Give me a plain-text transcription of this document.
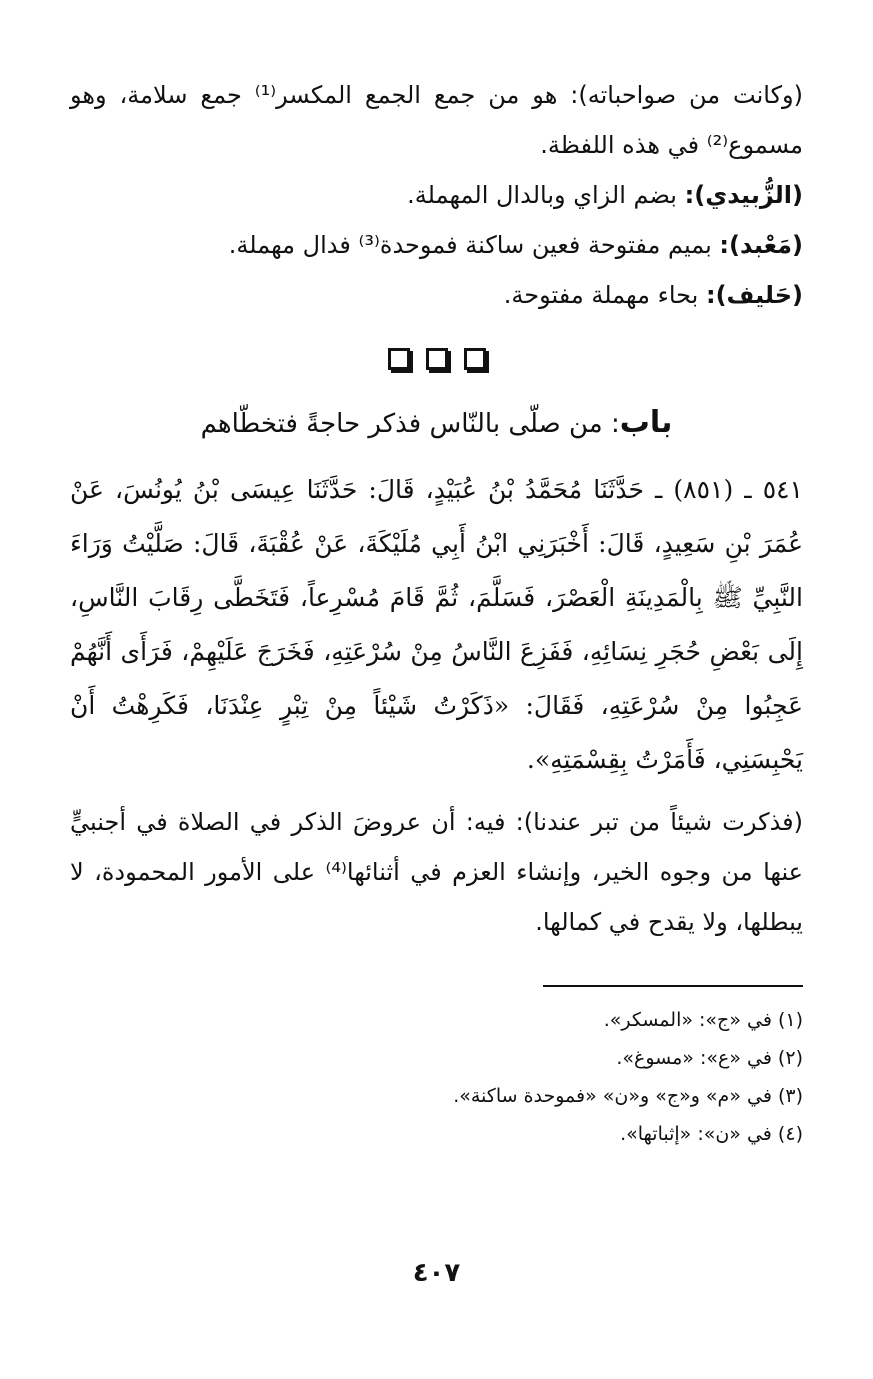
(وكانت من صواحباته): هو من جمع الجمع المكسر⁽¹⁾ جمع سلامة، وهو مسموع⁽²⁾ في هذه اللفظة.

(الزُّبيدي): بضم الزاي وبالدال المهملة.

(مَعْبد): بميم مفتوحة فعين ساكنة فموحدة⁽³⁾ فدال مهملة.

(حَليف): بحاء مهملة مفتوحة.

باب: من صلّى بالنّاس فذكر حاجةً فتخطّاهم

٥٤١ ـ (٨٥١) ـ حَدَّثَنَا مُحَمَّدُ بْنُ عُبَيْدٍ، قَالَ: حَدَّثَنَا عِيسَى بْنُ يُونُسَ، عَنْ عُمَرَ بْنِ سَعِيدٍ، قَالَ: أَخْبَرَنِي ابْنُ أَبِي مُلَيْكَةَ، عَنْ عُقْبَةَ، قَالَ: صَلَّيْتُ وَرَاءَ النَّبِيِّ ﷺ بِالْمَدِينَةِ الْعَصْرَ، فَسَلَّمَ، ثُمَّ قَامَ مُسْرِعاً، فَتَخَطَّى رِقَابَ النَّاسِ، إِلَى بَعْضِ حُجَرِ نِسَائِهِ، فَفَزِعَ النَّاسُ مِنْ سُرْعَتِهِ، فَخَرَجَ عَلَيْهِمْ، فَرَأَى أَنَّهُمْ عَجِبُوا مِنْ سُرْعَتِهِ، فَقَالَ: «ذَكَرْتُ شَيْئاً مِنْ تِبْرٍ عِنْدَنَا، فَكَرِهْتُ أَنْ يَحْبِسَنِي، فَأَمَرْتُ بِقِسْمَتِهِ».

(فذكرت شيئاً من تبر عندنا): فيه: أن عروضَ الذكر في الصلاة في أجنبيٍّ عنها من وجوه الخير، وإنشاء العزم في أثنائها⁽⁴⁾ على الأمور المحمودة، لا يبطلها، ولا يقدح في كمالها.

(١) في «ج»: «المسكر».
(٢) في «ع»: «مسوغ».
(٣) في «م» و«ج» و«ن» «فموحدة ساكنة».
(٤) في «ن»: «إثباتها».
٤٠٧
